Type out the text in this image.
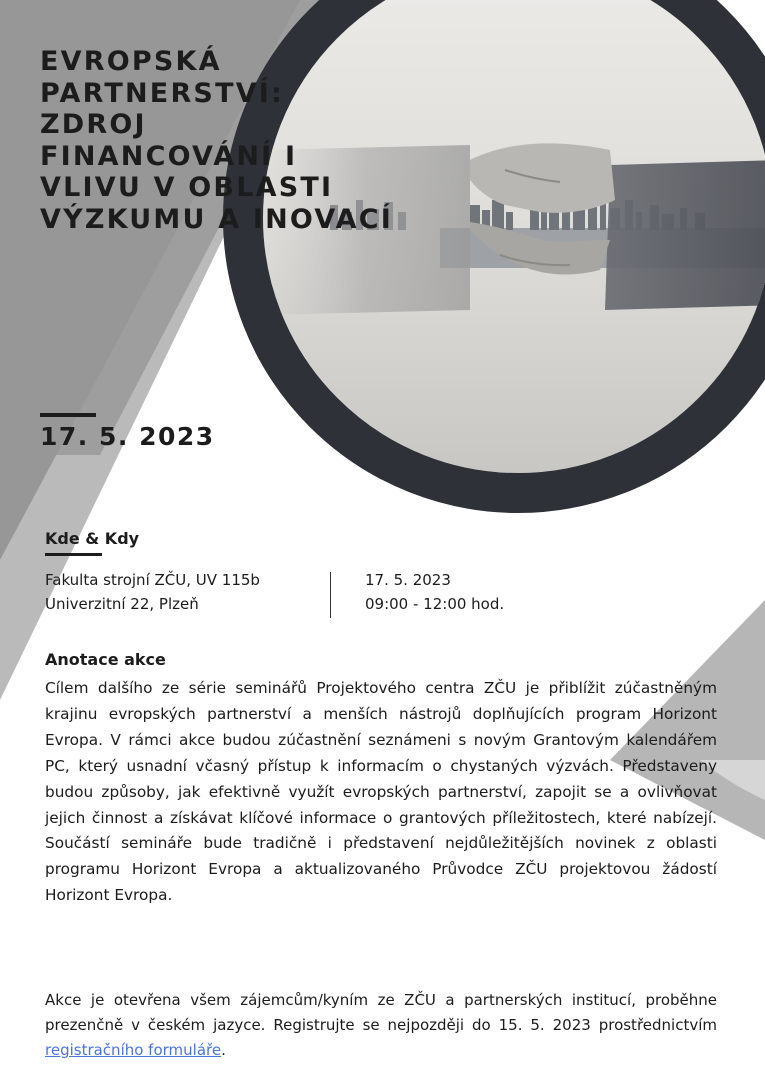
EVROPSKÁ
PARTNERSTVÍ:
ZDROJ
FINANCOVÁNÍ I
VLIVU V OBLASTI
VÝZKUMU A INOVACÍ
17. 5. 2023
Kde & Kdy
Fakulta strojní ZČU, UV 115b
Univerzitní 22, Plzeň
17. 5. 2023
09:00 - 12:00 hod.
Anotace akce

Cílem dalšího ze série seminářů Projektového centra ZČU je přiblížit zúčastněným krajinu evropských partnerství a menších nástrojů doplňujících program Horizont Evropa. V rámci akce budou zúčastnění seznámeni s novým Grantovým kalendářem PC, který usnadní včasný přístup k informacím o chystaných výzvách. Představeny budou způsoby, jak efektivně využít evropských partnerství, zapojit se a ovlivňovat jejich činnost a získávat klíčové informace o grantových příležitostech, které nabízejí. Součástí semináře bude tradičně i představení nejdůležitějších novinek z oblasti programu Horizont Evropa a aktualizovaného Průvodce ZČU projektovou žádostí Horizont Evropa.

Akce je otevřena všem zájemcům/kyním ze ZČU a partnerských institucí, proběhne prezenčně v českém jazyce. Registrujte se nejpozději do 15. 5. 2023 prostřednictvím registračního formuláře.
